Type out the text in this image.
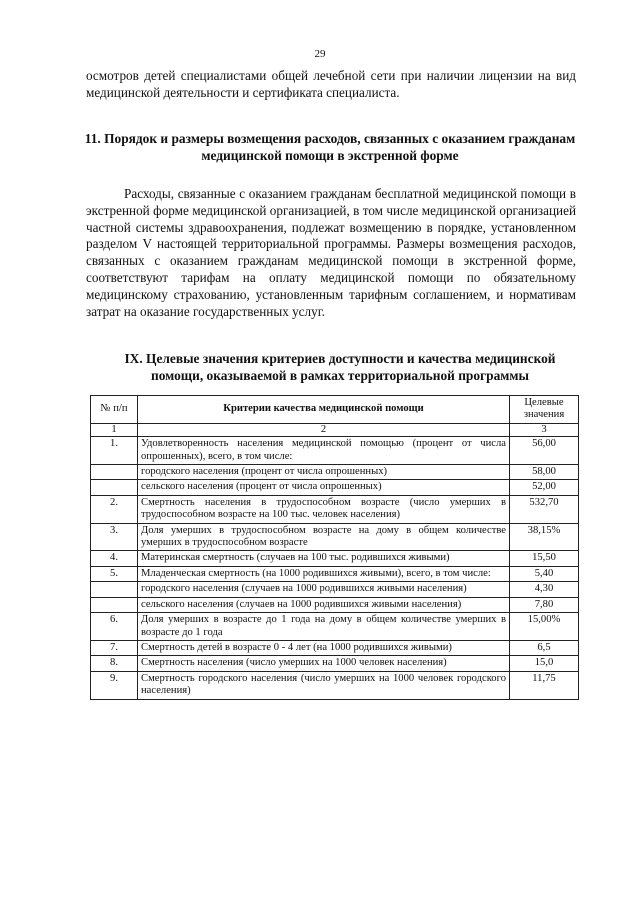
29

осмотров детей специалистами общей лечебной сети при наличии лицензии на вид медицинской деятельности и сертификата специалиста.

11. Порядок и размеры возмещения расходов, связанных с оказанием гражданам медицинской помощи в экстренной форме

Расходы, связанные с оказанием гражданам бесплатной медицинской помощи в экстренной форме медицинской организацией, в том числе медицинской организацией частной системы здравоохранения, подлежат возмещению в порядке, установленном разделом V настоящей территориальной программы. Размеры возмещения расходов, связанных с оказанием гражданам медицинской помощи в экстренной форме, соответствуют тарифам на оплату медицинской помощи по обязательному медицинскому страхованию, установленным тарифным соглашением, и нормативам затрат на оказание государственных услуг.

IX. Целевые значения критериев доступности и качества медицинской помощи, оказываемой в рамках территориальной программы
№ п/п	Критерии качества медицинской помощи	Целевые значения
1	2	3
1.	Удовлетворенность населения медицинской помощью (процент от числа опрошенных), всего, в том числе:	56,00
	городского населения (процент от числа опрошенных)	58,00
	сельского населения (процент от числа опрошенных)	52,00
2.	Смертность населения в трудоспособном возрасте (число умерших в трудоспособном возрасте на 100 тыс. человек населения)	532,70
3.	Доля умерших в трудоспособном возрасте на дому в общем количестве умерших в трудоспособном возрасте	38,15%
4.	Материнская смертность (случаев на 100 тыс. родившихся живыми)	15,50
5.	Младенческая смертность (на 1000 родившихся живыми), всего, в том числе:	5,40
	городского населения (случаев на 1000 родившихся живыми населения)	4,30
	сельского населения (случаев на 1000 родившихся живыми населения)	7,80
6.	Доля умерших в возрасте до 1 года на дому в общем количестве умерших в возрасте до 1 года	15,00%
7.	Смертность детей в возрасте 0 - 4 лет (на 1000 родившихся живыми)	6,5
8.	Смертность населения (число умерших на 1000 человек населения)	15,0
9.	Смертность городского населения (число умерших на 1000 человек городского населения)	11,75
